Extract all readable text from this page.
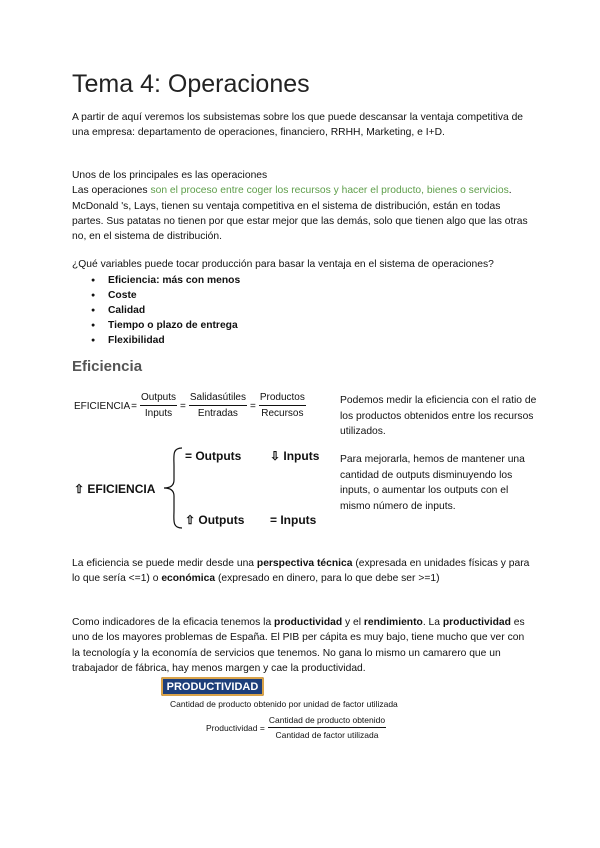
Tema 4: Operaciones

A partir de aquí veremos los subsistemas sobre los que puede descansar la ventaja competitiva de una empresa: departamento de operaciones, financiero, RRHH, Marketing, e I+D.

Unos de los principales es las operaciones
Las operaciones son el proceso entre coger los recursos y hacer el producto, bienes o servicios. McDonald 's, Lays, tienen su ventaja competitiva en el sistema de distribución, están en todas partes. Sus patatas no tienen por que estar mejor que las demás, solo que tienen algo que las otras no, en el sistema de distribución.

¿Qué variables puede tocar producción para basar la ventaja en el sistema de operaciones?

● Eficiencia: más con menos
● Coste
● Calidad
● Tiempo o plazo de entrega
● Flexibilidad
Eficiencia
EFICIENCIA = $\frac{\text{Outputs}}{\text{Inputs}} = \frac{\text{Salidasútiles}}{\text{Entradas}} = \frac{\text{Productos}}{\text{Recursos}}$	Podemos medir la eficiencia con el ratio de los productos obtenidos entre los recursos utilizados.

⇧ EFICIENCIA
= Outputs ⇩ Inputs
⇧ Outputs = Inputs

Para mejorarla, hemos de mantener una cantidad de outputs disminuyendo los inputs, o aumentar los outputs con el mismo número de inputs.

La eficiencia se puede medir desde una perspectiva técnica (expresada en unidades físicas y para lo que sería <=1) o económica (expresado en dinero, para lo que debe ser >=1)

Como indicadores de la eficacia tenemos la productividad y el rendimiento. La productividad es uno de los mayores problemas de España. El PIB per cápita es muy bajo, tiene mucho que ver con la tecnología y la economía de servicios que tenemos. No gana lo mismo un camarero que un trabajador de fábrica, hay menos margen y cae la productividad.

PRODUCTIVIDAD
Cantidad de producto obtenido por unidad de factor utilizada
Productividad = $\frac{\text{Cantidad de producto obtenido}}{\text{Cantidad de factor utilizada}}$
